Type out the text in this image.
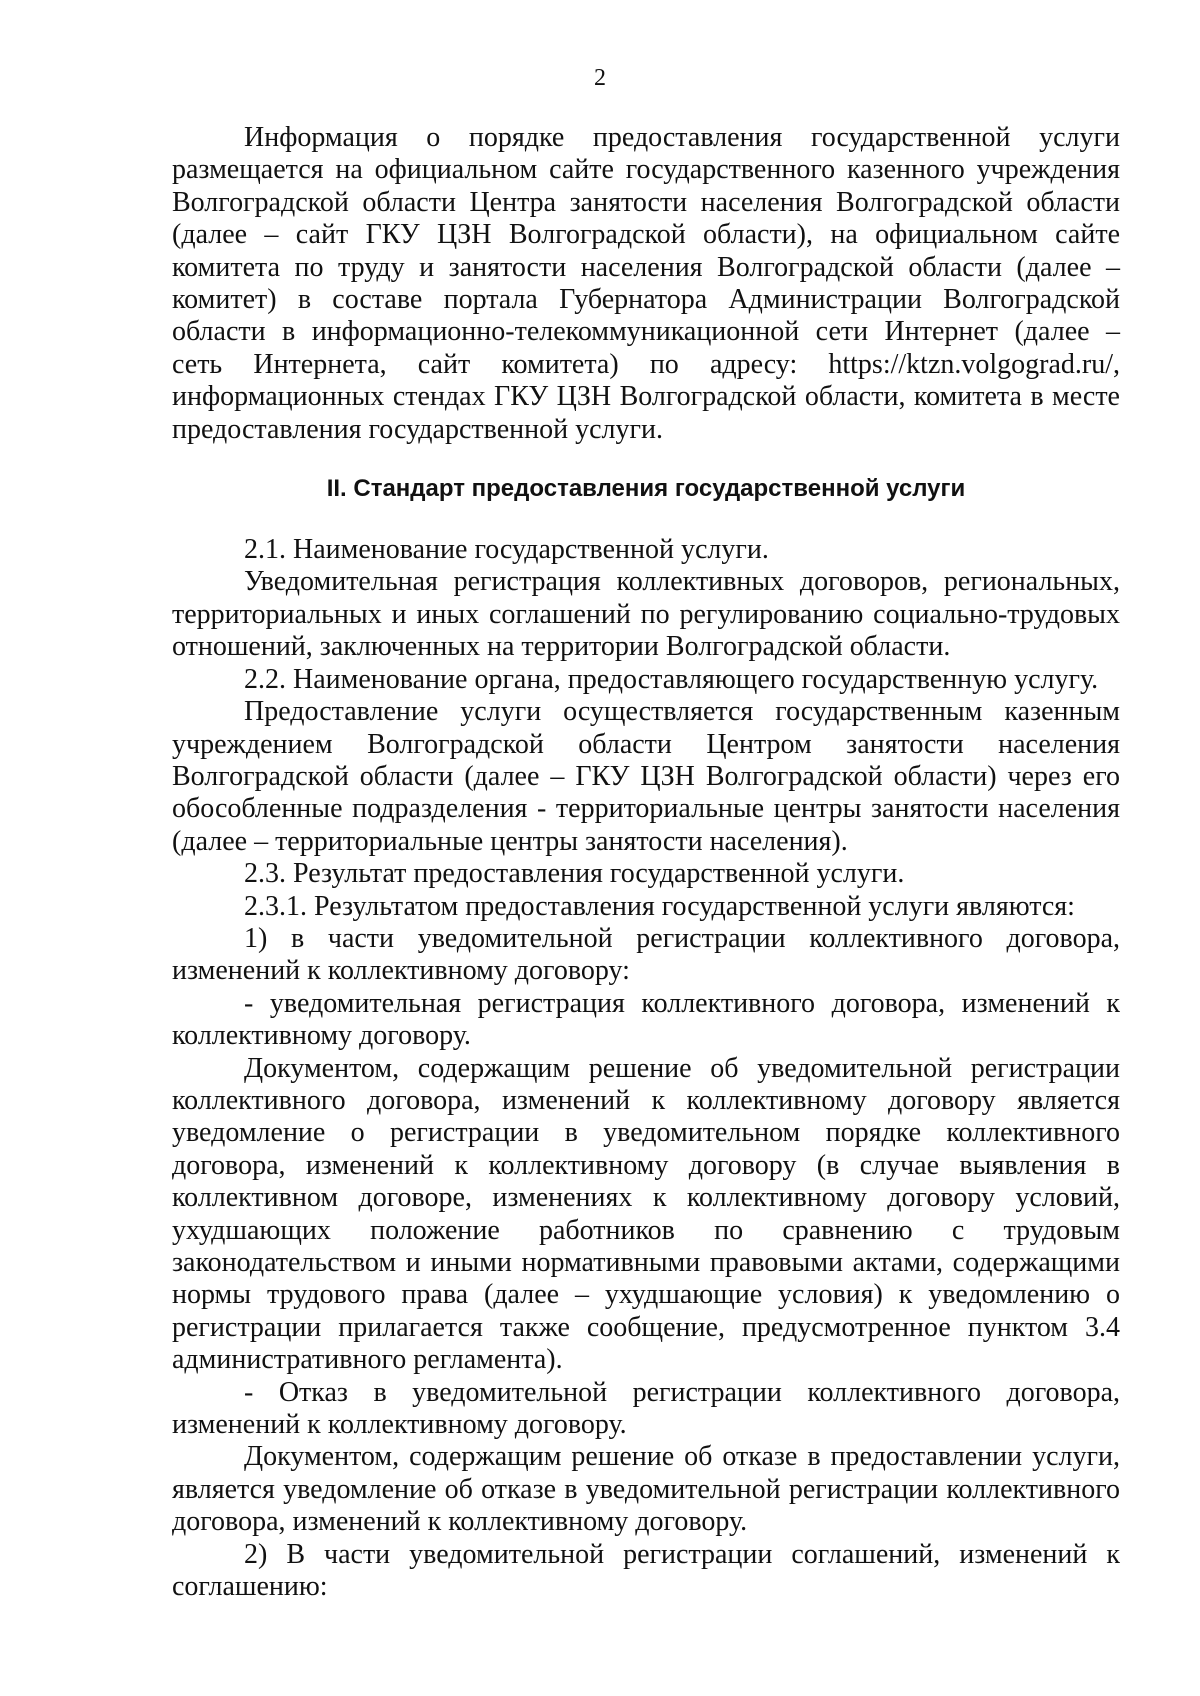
2

Информация о порядке предоставления государственной услуги размещается на официальном сайте государственного казенного учреждения Волгоградской области Центра занятости населения Волгоградской области (далее – сайт ГКУ ЦЗН Волгоградской области), на официальном сайте комитета по труду и занятости населения Волгоградской области (далее – комитет) в составе портала Губернатора Администрации Волгоградской области в информационно-телекоммуникационной сети Интернет (далее – сеть Интернета, сайт комитета) по адресу: https://ktzn.volgograd.ru/, информационных стендах ГКУ ЦЗН Волгоградской области, комитета в месте предоставления государственной услуги.

II. Стандарт предоставления государственной услуги

2.1. Наименование государственной услуги.

Уведомительная регистрация коллективных договоров, региональных, территориальных и иных соглашений по регулированию социально-трудовых отношений, заключенных на территории Волгоградской области.

2.2. Наименование органа, предоставляющего государственную услугу.

Предоставление услуги осуществляется государственным казенным учреждением Волгоградской области Центром занятости населения Волгоградской области (далее – ГКУ ЦЗН Волгоградской области) через его обособленные подразделения - территориальные центры занятости населения (далее – территориальные центры занятости населения).

2.3. Результат предоставления государственной услуги.

2.3.1. Результатом предоставления государственной услуги являются:

1) в части уведомительной регистрации коллективного договора, изменений к коллективному договору:

- уведомительная регистрация коллективного договора, изменений к коллективному договору.

Документом, содержащим решение об уведомительной регистрации коллективного договора, изменений к коллективному договору является уведомление о регистрации в уведомительном порядке коллективного договора, изменений к коллективному договору (в случае выявления в коллективном договоре, изменениях к коллективному договору условий, ухудшающих положение работников по сравнению с трудовым законодательством и иными нормативными правовыми актами, содержащими нормы трудового права (далее – ухудшающие условия) к уведомлению о регистрации прилагается также сообщение, предусмотренное пунктом 3.4 административного регламента).

- Отказ в уведомительной регистрации коллективного договора, изменений к коллективному договору.

Документом, содержащим решение об отказе в предоставлении услуги, является уведомление об отказе в уведомительной регистрации коллективного договора, изменений к коллективному договору.

2) В части уведомительной регистрации соглашений, изменений к соглашению:
